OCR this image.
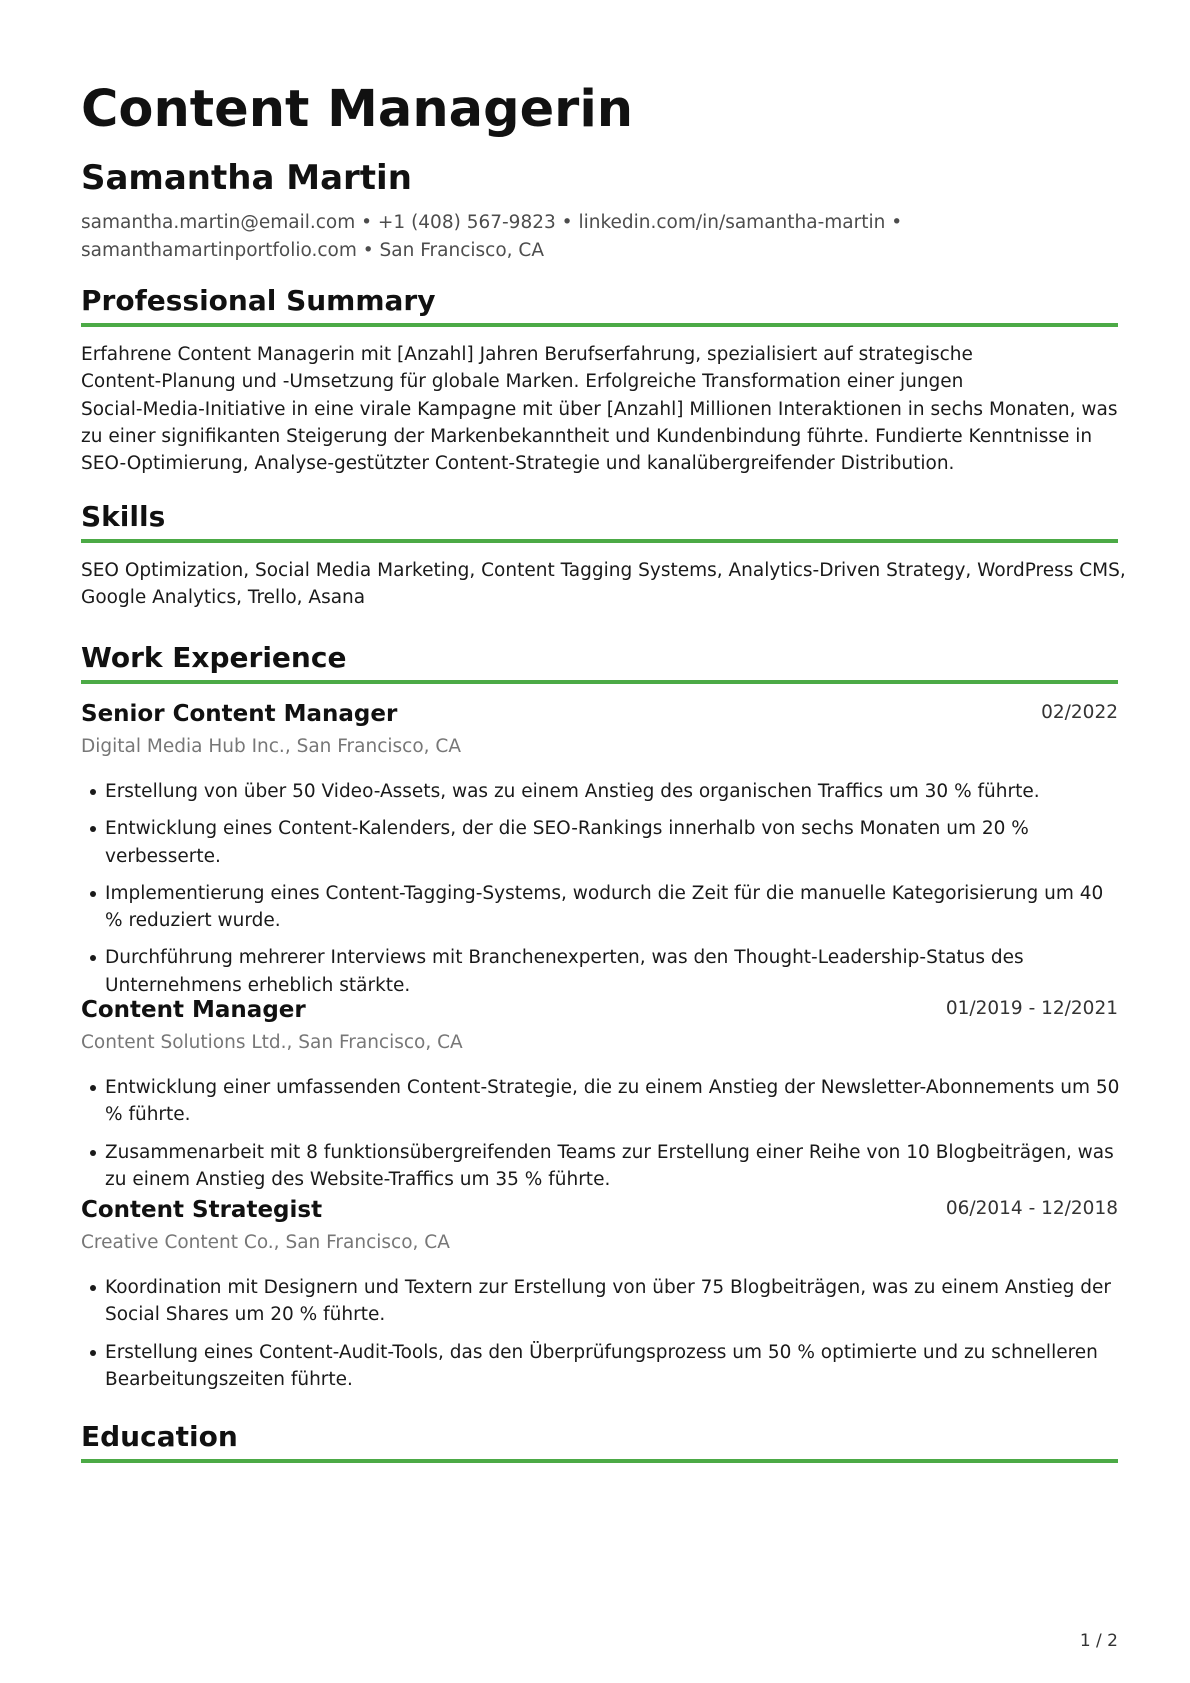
Content Managerin
Samantha Martin
samantha.martin@email.com • +1 (408) 567-9823 • linkedin.com/in/samantha-martin •
samanthamartinportfolio.com • San Francisco, CA
Professional Summary
Erfahrene Content Managerin mit [Anzahl] Jahren Berufserfahrung, spezialisiert auf strategische
Content-Planung und -Umsetzung für globale Marken. Erfolgreiche Transformation einer jungen
Social-Media-Initiative in eine virale Kampagne mit über [Anzahl] Millionen Interaktionen in sechs Monaten, was
zu einer signifikanten Steigerung der Markenbekanntheit und Kundenbindung führte. Fundierte Kenntnisse in
SEO-Optimierung, Analyse-gestützter Content-Strategie und kanalübergreifender Distribution.
Skills
SEO Optimization, Social Media Marketing, Content Tagging Systems, Analytics-Driven Strategy, WordPress CMS,
Google Analytics, Trello, Asana
Work Experience
Senior Content Manager	02/2022
Digital Media Hub Inc., San Francisco, CA
Erstellung von über 50 Video-Assets, was zu einem Anstieg des organischen Traffics um 30 % führte.
Entwicklung eines Content-Kalenders, der die SEO-Rankings innerhalb von sechs Monaten um 20 %
verbesserte.
Implementierung eines Content-Tagging-Systems, wodurch die Zeit für die manuelle Kategorisierung um 40
% reduziert wurde.
Durchführung mehrerer Interviews mit Branchenexperten, was den Thought-Leadership-Status des
Unternehmens erheblich stärkte.
Content Manager	01/2019 - 12/2021
Content Solutions Ltd., San Francisco, CA
Entwicklung einer umfassenden Content-Strategie, die zu einem Anstieg der Newsletter-Abonnements um 50
% führte.
Zusammenarbeit mit 8 funktionsübergreifenden Teams zur Erstellung einer Reihe von 10 Blogbeiträgen, was
zu einem Anstieg des Website-Traffics um 35 % führte.
Content Strategist	06/2014 - 12/2018
Creative Content Co., San Francisco, CA
Koordination mit Designern und Textern zur Erstellung von über 75 Blogbeiträgen, was zu einem Anstieg der
Social Shares um 20 % führte.
Erstellung eines Content-Audit-Tools, das den Überprüfungsprozess um 50 % optimierte und zu schnelleren
Bearbeitungszeiten führte.
Education
1 / 2
